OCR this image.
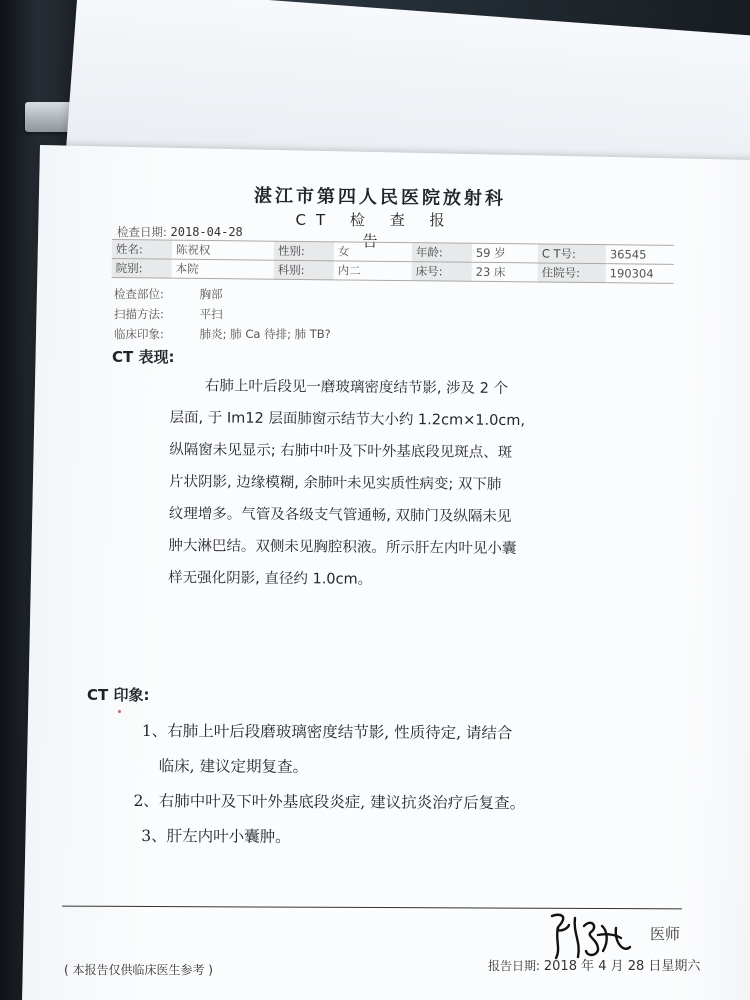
湛江市第四人民医院放射科
CT 检 查 报 告
检查日期: 2018-04-28
姓名:	陈祝权	性别:	女	年龄:	59 岁	C T号:	36545
院别:	本院	科别:	内二	床号:	23 床	住院号:	190304
检查部位:	胸部
扫描方法:	平扫
临床印象:	肺炎; 肺 Ca 待排; 肺 TB?
CT 表现:
右肺上叶后段见一磨玻璃密度结节影, 涉及 2 个
层面, 于 Im12 层面肺窗示结节大小约 1.2cm×1.0cm,
纵隔窗未见显示; 右肺中叶及下叶外基底段见斑点、斑
片状阴影, 边缘模糊, 余肺叶未见实质性病变; 双下肺
纹理增多。气管及各级支气管通畅, 双肺门及纵隔未见
肿大淋巴结。双侧未见胸腔积液。所示肝左内叶见小囊
样无强化阴影, 直径约 1.0cm。
CT 印象:
1、右肺上叶后段磨玻璃密度结节影, 性质待定, 请结合
临床, 建议定期复查。
2、右肺中叶及下叶外基底段炎症, 建议抗炎治疗后复查。
3、肝左内叶小囊肿。
医师
( 本报告仅供临床医生参考 )	报告日期: 2018 年 4 月 28 日星期六
